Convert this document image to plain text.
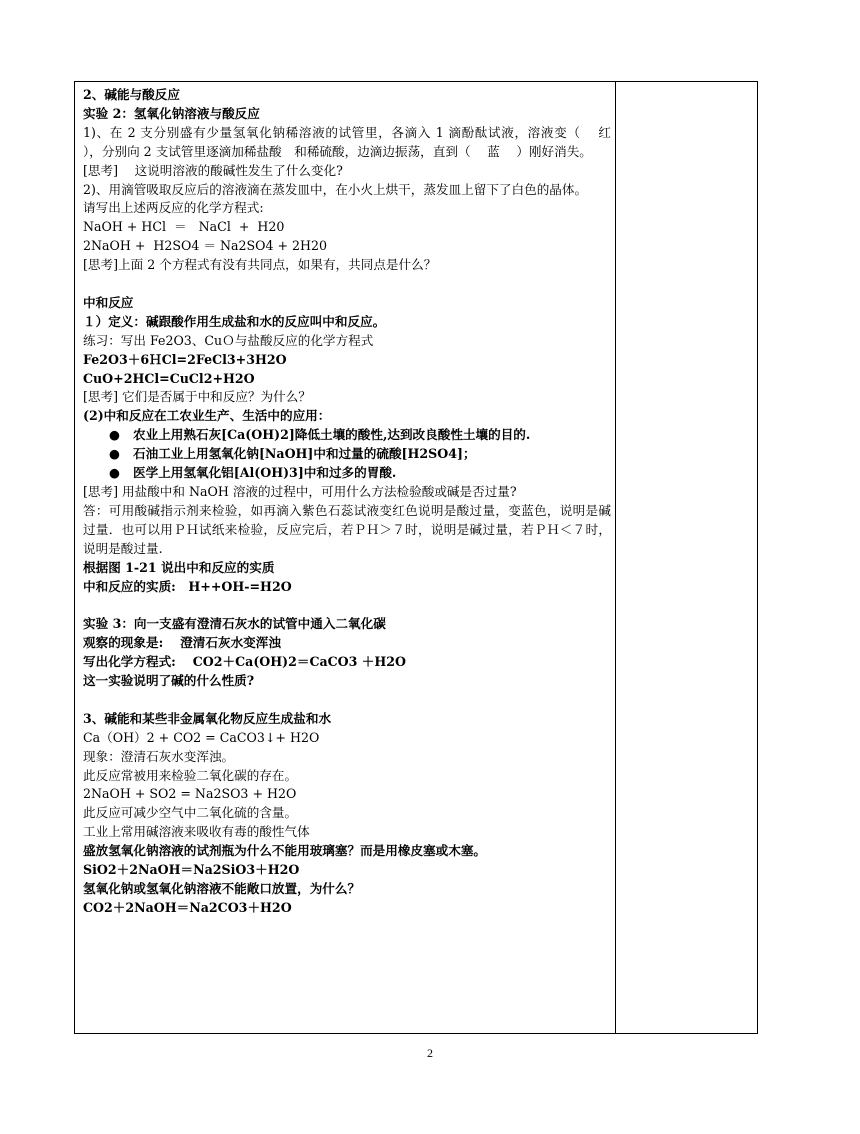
2、碱能与酸反应
实验 2：氢氧化钠溶液与酸反应
1)、在 2 支分别盛有少量氢氧化钠稀溶液的试管里，各滴入 1 滴酚酞试液，溶液变（　 红　 ），分别向 2 支试管里逐滴加稀盐酸　和稀硫酸，边滴边振荡，直到（　 蓝　 ）刚好消失。
[思考]　 这说明溶液的酸碱性发生了什么变化?
2)、用滴管吸取反应后的溶液滴在蒸发皿中，在小火上烘干，蒸发皿上留下了白色的晶体。
请写出上述两反应的化学方程式:
NaOH + HCl  ＝   NaCl  +  H20
2NaOH +  H2SO4 ＝ Na2SO4 + 2H20
[思考]上面 2 个方程式有没有共同点，如果有，共同点是什么？
中和反应
１）定义：碱跟酸作用生成盐和水的反应叫中和反应。
练习：写出 Fe2O3、CuＯ与盐酸反应的化学方程式
Fe2O3＋6ＨCl=2FeCl3+3H2O
CuO+2HCl=CuCl2+H2O
[思考] 它们是否属于中和反应？为什么？
(2)中和反应在工农业生产、生活中的应用：
● 农业上用熟石灰[Ca(OH)2]降低土壤的酸性,达到改良酸性土壤的目的.
● 石油工业上用氢氧化钠[NaOH]中和过量的硫酸[H2SO4]；
● 医学上用氢氧化铝[Al(OH)3]中和过多的胃酸.
[思考] 用盐酸中和 NaOH 溶液的过程中，可用什么方法检验酸或碱是否过量?
答：可用酸碱指示剂来检验，如再滴入紫色石蕊试液变红色说明是酸过量，变蓝色，说明是碱过量．也可以用ＰＨ试纸来检验，反应完后，若ＰＨ＞７时，说明是碱过量，若ＰＨ＜７时，说明是酸过量.
根据图 1-21 说出中和反应的实质
中和反应的实质:　H++OH-=H2O
实验 3：向一支盛有澄清石灰水的试管中通入二氧化碳
观察的现象是:　 澄清石灰水变浑浊
写出化学方程式:　 CO2＋Ca(OH)2＝CaCO3 ＋H2O
这一实验说明了碱的什么性质?
3、碱能和某些非金属氧化物反应生成盐和水
Ca（OH）2 + CO2 = CaCO3↓+ H2O
现象：澄清石灰水变浑浊。
此反应常被用来检验二氧化碳的存在。
2NaOH + SO2 = Na2SO3 + H2O
此反应可减少空气中二氧化硫的含量。
工业上常用碱溶液来吸收有毒的酸性气体
盛放氢氧化钠溶液的试剂瓶为什么不能用玻璃塞？而是用橡皮塞或木塞。
SiO2＋2NaOH＝Na2SiO3＋H2O
氢氧化钠或氢氧化钠溶液不能敞口放置，为什么？
CO2＋2NaOH＝Na2CO3＋H2O
2
